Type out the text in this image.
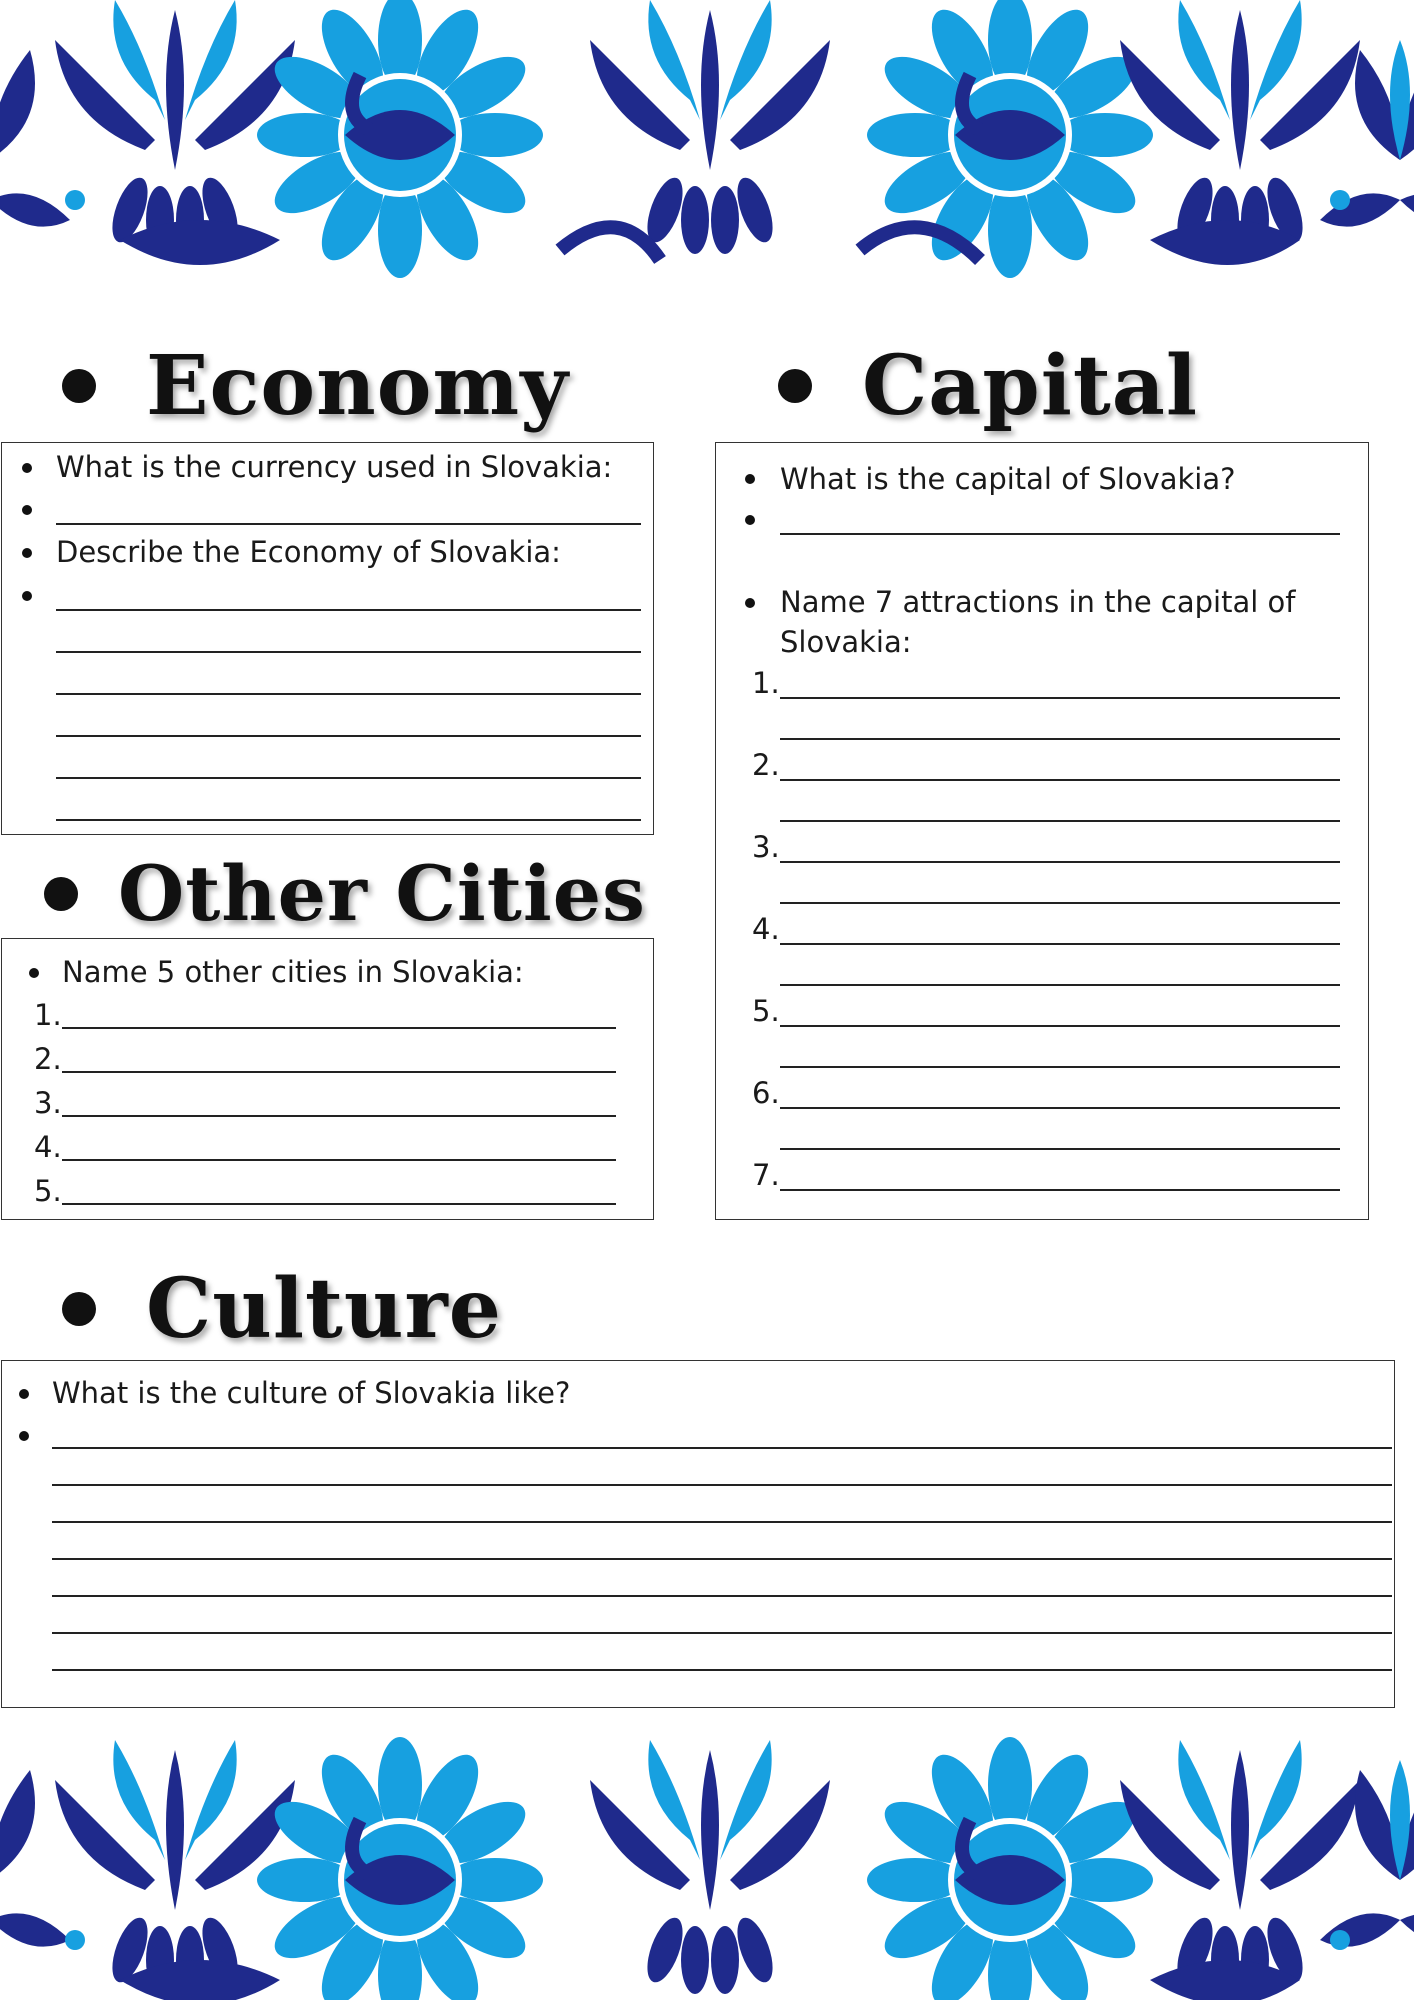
Economy	Capital
What is the currency used in Slovakia:
Describe the Economy of Slovakia:
What is the capital of Slovakia?
Name 7 attractions in the capital of
Slovakia:
1.
2.
3.
4.
5.
6.
7.
Other Cities
Name 5 other cities in Slovakia:
1.
2.
3.
4.
5.
Culture
What is the culture of Slovakia like?
